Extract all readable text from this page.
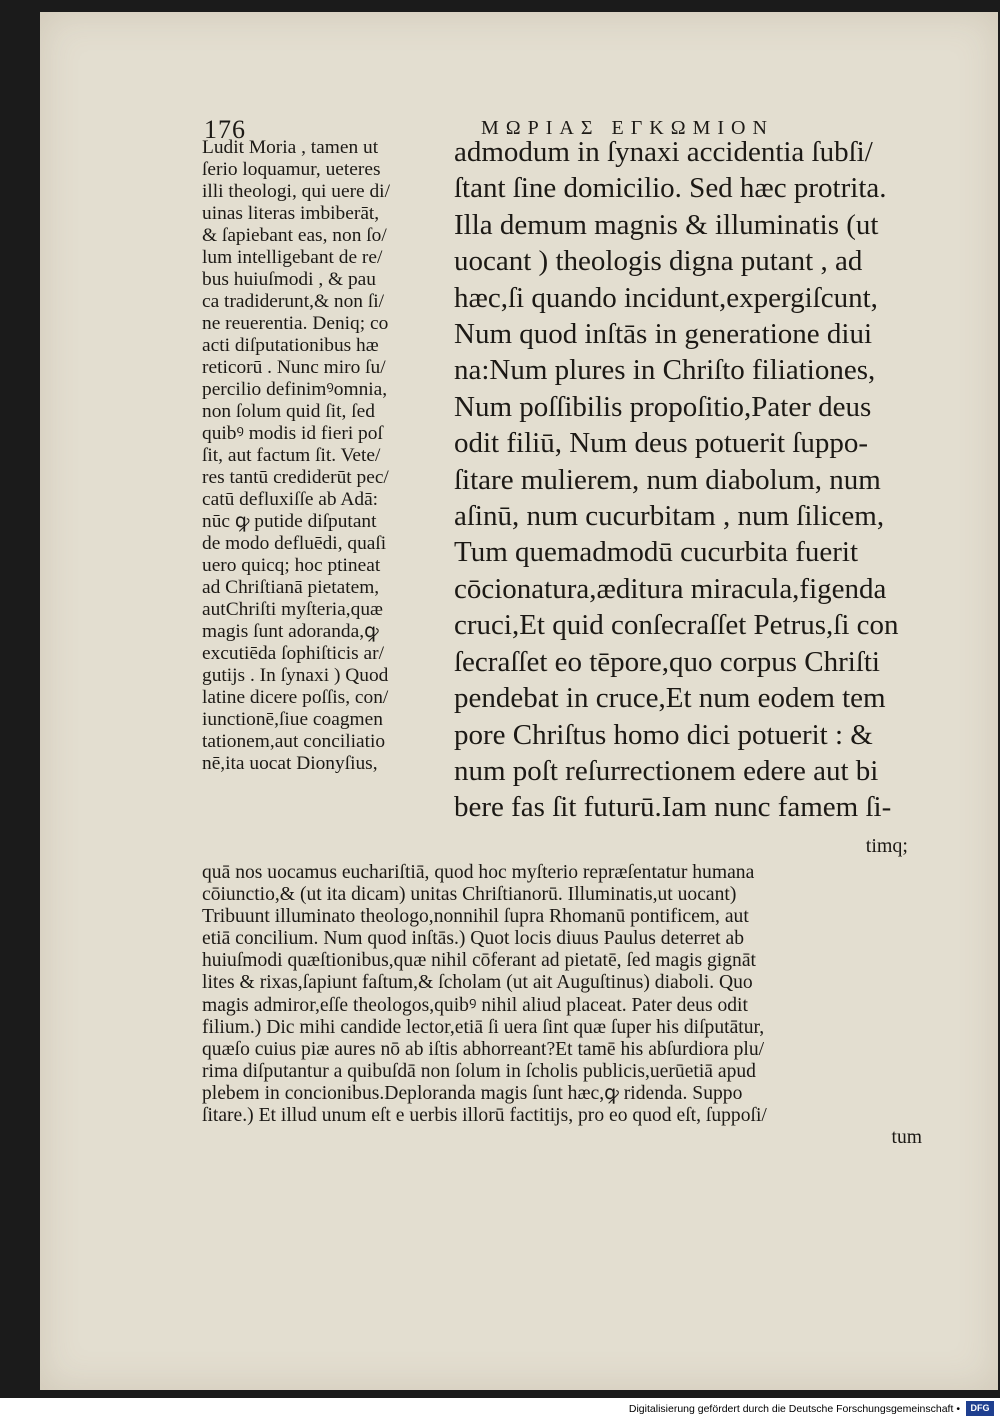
176	ΜΩΡΙΑΣ ΕΓΚΩΜΙΟΝ
Ludit Moria , tamen ut
ſerio loquamur, ueteres
illi theologi, qui uere di/
uinas literas imbiberāt,
& ſapiebant eas, non ſo/
lum intelligebant de re/
bus huiuſmodi , & pau
ca tradiderunt,& non ſi/
ne reuerentia. Deniq; co
acti diſputationibus hæ
reticorū . Nunc miro ſu/
percilio definimꝰomnia,
non ſolum quid ſit, ſed
quibꝰ modis id fieri poſ
ſit, aut factum ſit. Vete/
res tantū crediderūt pec/
catū defluxiſſe ab Adā:
nūc ꝙ putide diſputant
de modo defluēdi, quaſi
uero quicq; hoc ptineat
ad Chriſtianā pietatem,
autChriſti myſteria,quæ
magis ſunt adoranda,ꝙ
excutiēda ſophiſticis ar/
gutijs . In ſynaxi ) Quod
latine dicere poſſis, con/
iunctionē,ſiue coagmen
tationem,aut conciliatio
nē,ita uocat Dionyſius,
admodum in ſynaxi accidentia ſubſi/
ſtant ſine domicilio. Sed hæc protrita.
Illa demum magnis & illuminatis (ut
uocant ) theologis digna putant , ad
hæc,ſi quando incidunt,expergiſcunt,
Num quod inſtās in generatione diui
na:Num plures in Chriſto filiationes,
Num poſſibilis propoſitio,Pater deus
odit filiū, Num deus potuerit ſuppo-
ſitare mulierem, num diabolum, num
aſinū, num cucurbitam , num ſilicem,
Tum quemadmodū cucurbita fuerit
cōcionatura,æditura miracula,figenda
cruci,Et quid conſecraſſet Petrus,ſi con
ſecraſſet eo tēpore,quo corpus Chriſti
pendebat in cruce,Et num eodem tem
pore Chriſtus homo dici potuerit : &
num poſt reſurrectionem edere aut bi
bere fas ſit futurū.Iam nunc famem ſi-
timq;
quā nos uocamus euchariſtiā, quod hoc myſterio repræſentatur humana
cōiunctio,& (ut ita dicam) unitas Chriſtianorū. Illuminatis,ut uocant)
Tribuunt illuminato theologo,nonnihil ſupra Rhomanū pontificem, aut
etiā concilium. Num quod inſtās.) Quot locis diuus Paulus deterret ab
huiuſmodi quæſtionibus,quæ nihil cōferant ad pietatē, ſed magis gignāt
lites & rixas,ſapiunt faſtum,& ſcholam (ut ait Auguſtinus) diaboli. Quo
magis admiror,eſſe theologos,quibꝰ nihil aliud placeat. Pater deus odit
filium.) Dic mihi candide lector,etiā ſi uera ſint quæ ſuper his diſputātur,
quæſo cuius piæ aures nō ab iſtis abhorreant?Et tamē his abſurdiora plu/
rima diſputantur a quibuſdā non ſolum in ſcholis publicis,uerūetiā apud
plebem in concionibus.Deploranda magis ſunt hæc,ꝙ ridenda. Suppo
ſitare.) Et illud unum eſt e uerbis illorū factitijs, pro eo quod eſt, ſuppoſi/
tum
Digitalisierung gefördert durch die Deutsche Forschungsgemeinschaft •	DFG
